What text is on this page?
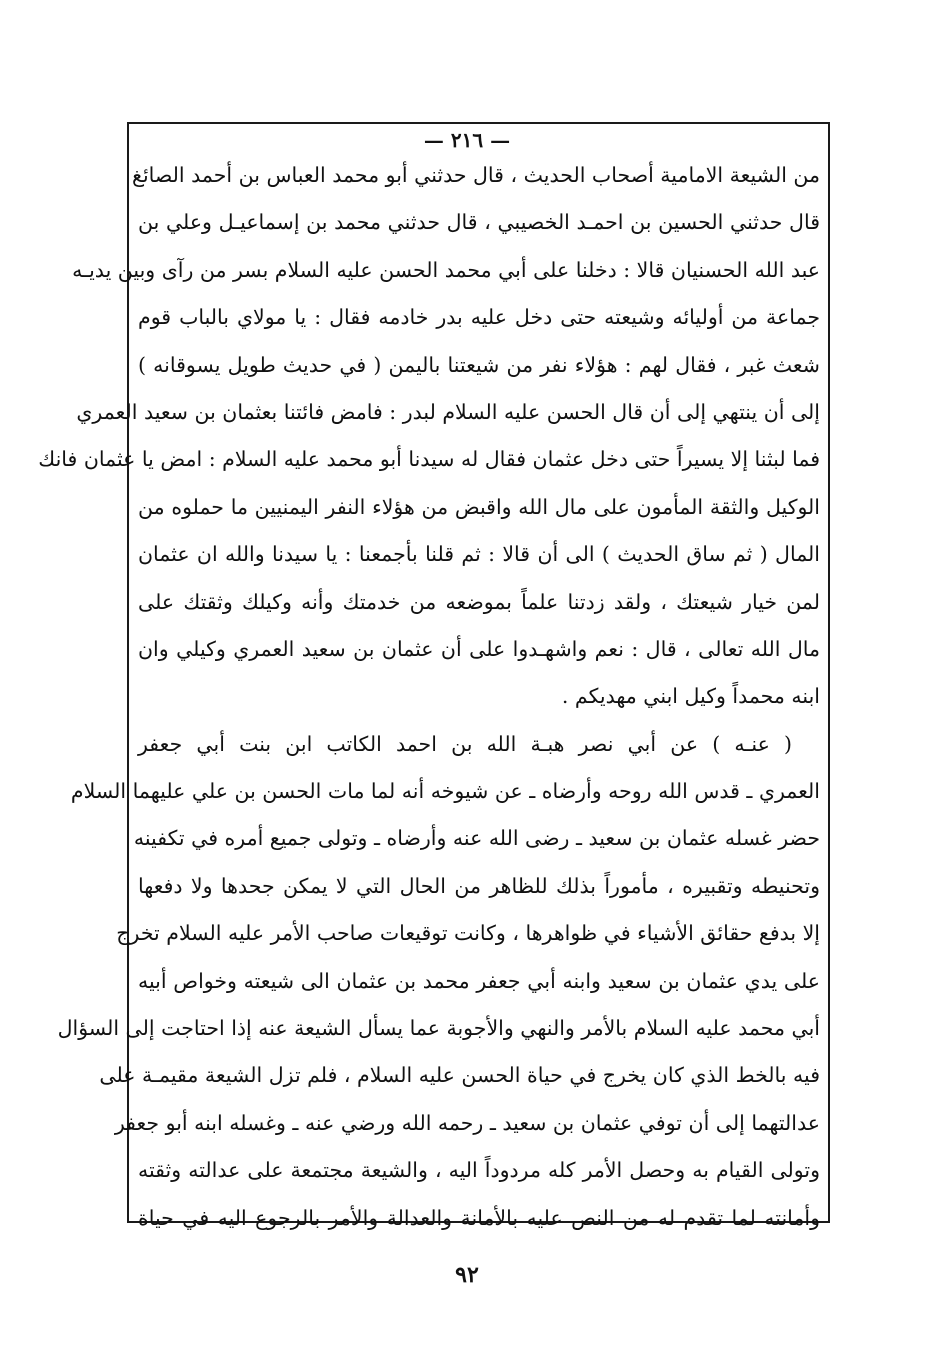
— ٢١٦ —
من الشيعة الامامية أصحاب الحديث ، قال حدثني أبو محمد العباس بن أحمد الصائغ
قال حدثني الحسين بن احمـد الخصيبي ، قال حدثني محمد بن إسماعيـل وعلي بن
عبد الله الحسنيان قالا : دخلنا على أبي محمد الحسن عليه السلام بسر من رآى وبين يديـه
جماعة من أوليائه وشيعته حتى دخل عليه بدر خادمه فقال : يا مولاي بالباب قوم
شعث غبر ، فقال لهم : هؤلاء نفر من شيعتنا باليمن ( في حديث طويل يسوقانه )
إلى أن ينتهي إلى أن قال الحسن عليه السلام لبدر : فامض فائتنا بعثمان بن سعيد العمري
فما لبثنا إلا يسيراً حتى دخل عثمان فقال له سيدنا أبو محمد عليه السلام : امض يا عثمان فانك
الوكيل والثقة المأمون على مال الله واقبض من هؤلاء النفر اليمنيين ما حملوه من
المال ( ثم ساق الحديث ) الى أن قالا : ثم قلنا بأجمعنا : يا سيدنا والله ان عثمان
لمن خيار شيعتك ، ولقد زدتنا علماً بموضعه من خدمتك وأنه وكيلك وثقتك على
مال الله تعالى ، قال : نعم واشهـدوا على أن عثمان بن سعيد العمري وكيلي وان
ابنه محمداً وكيل ابني مهديكم .
( عنـه ) عن أبي نصر هبـة الله بن احمد الكاتب ابن بنت أبي جعفر
العمري ـ قدس الله روحه وأرضاه ـ عن شيوخه أنه لما مات الحسن بن علي عليهما السلام
حضر غسله عثمان بن سعيد ـ رضى الله عنه وأرضاه ـ وتولى جميع أمره في تكفينه
وتحنيطه وتقبيره ، مأموراً بذلك للظاهر من الحال التي لا يمكن جحدها ولا دفعها
إلا بدفع حقائق الأشياء في ظواهرها ، وكانت توقيعات صاحب الأمر عليه السلام تخرج
على يدي عثمان بن سعيد وابنه أبي جعفر محمد بن عثمان الى شيعته وخواص أبيه
أبي محمد عليه السلام بالأمر والنهي والأجوبة عما يسأل الشيعة عنه إذا احتاجت إلى السؤال
فيه بالخط الذي كان يخرج في حياة الحسن عليه السلام ، فلم تزل الشيعة مقيمـة على
عدالتهما إلى أن توفي عثمان بن سعيد ـ رحمه الله ورضي عنه ـ وغسله ابنه أبو جعفر
وتولى القيام به وحصل الأمر كله مردوداً اليه ، والشيعة مجتمعة على عدالته وثقته
وأمانته لما تقدم له من النص عليه بالأمانة والعدالة والأمر بالرجوع اليه في حياة
٩٢
